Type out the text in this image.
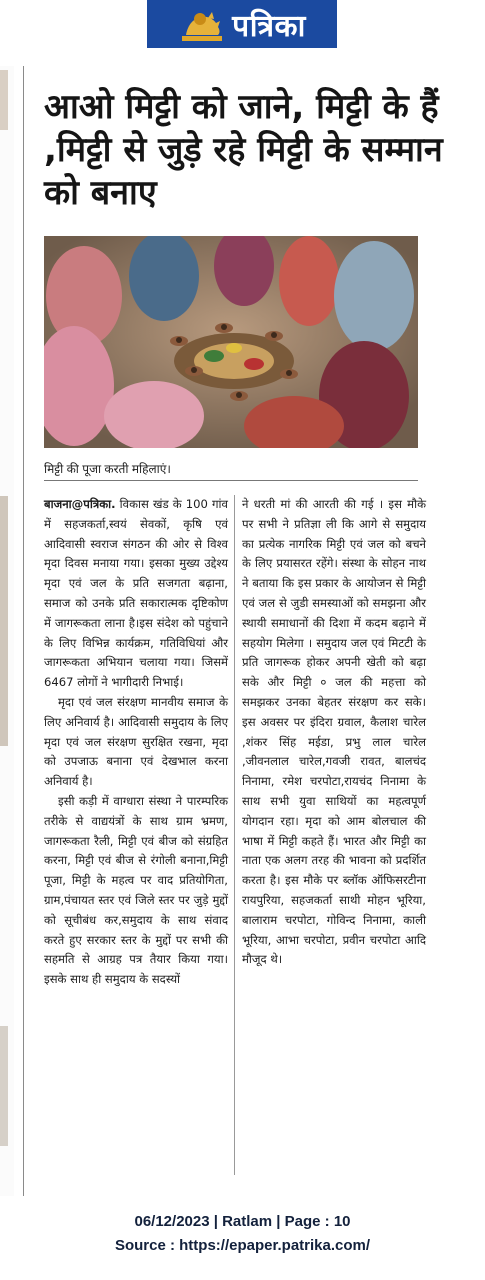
पत्रिका
आओ मिट्टी को जाने, मिट्टी के हैं ,मिट्टी से जुड़े रहे मिट्टी के सम्मान को बनाए
मिट्टी की पूजा करती महिलाएं।

बाजना@पत्रिका. विकास खंड के 100 गांव में सहजकर्ता,स्वयं सेवकों, कृषि एवं आदिवासी स्वराज संगठन की ओर से विश्व मृदा दिवस मनाया गया। इसका मुख्य उद्देश्य मृदा एवं जल के प्रति सजगता बढ़ाना, समाज को उनके प्रति सकारात्मक दृष्टिकोण में जागरूकता लाना है।इस संदेश को पहुंचाने के लिए विभिन्न कार्यक्रम, गतिविधियां और जागरूकता अभियान चलाया गया। जिसमें 6467 लोगों ने भागीदारी निभाई।

मृदा एवं जल संरक्षण मानवीय समाज के लिए अनिवार्य है। आदिवासी समुदाय के लिए मृदा एवं जल संरक्षण सुरक्षित रखना, मृदा को उपजाऊ बनाना एवं देखभाल करना अनिवार्य है।

इसी कड़ी में वाग्धारा संस्था ने पारम्परिक तरीके से वाद्ययंत्रों के साथ ग्राम भ्रमण, जागरूकता रैली, मिट्टी एवं बीज को संग्रहित करना, मिट्टी एवं बीज से रंगोली बनाना,मिट्टी पूजा, मिट्टी के महत्व पर वाद प्रतियोगिता, ग्राम,पंचायत स्तर एवं जिले स्तर पर जुड़े मुद्दों को सूचीबंध कर,समुदाय के साथ संवाद करते हुए सरकार स्तर के मुद्दों पर सभी की सहमति से आग्रह पत्र तैयार किया गया। इसके साथ ही समुदाय के सदस्यों

ने धरती मां की आरती की गई । इस मौके पर सभी ने प्रतिज्ञा ली कि आगे से समुदाय का प्रत्येक नागरिक मिट्टी एवं जल को बचने के लिए प्रयासरत रहेंगे। संस्था के सोहन नाथ ने बताया कि इस प्रकार के आयोजन से मिट्टी एवं जल से जुडी समस्याओं को समझना और स्थायी समाधानों की दिशा में कदम बढ़ाने में सहयोग मिलेगा । समुदाय जल एवं मिटटी के प्रति जागरूक होकर अपनी खेती को बढ़ा सके और मिट्टी ० जल की महत्ता को समझकर उनका बेहतर संरक्षण कर सके। इस अवसर पर इंदिरा ग्रवाल, कैलाश चारेल ,शंकर सिंह मईडा, प्रभु लाल चारेल ,जीवनलाल चारेल,गवजी रावत, बालचंद निनामा, रमेश चरपोटा,रायचंद निनामा के साथ सभी युवा साथियों का महत्वपूर्ण योगदान रहा। मृदा को आम बोलचाल की भाषा में मिट्टी कहते हैं। भारत और मिट्टी का नाता एक अलग तरह की भावना को प्रदर्शित करता है। इस मौके पर ब्लॉक ऑफिसरटीना रायपुरिया, सहजकर्ता साथी मोहन भूरिया, बालाराम चरपोटा, गोविन्द निनामा, काली भूरिया, आभा चरपोटा, प्रवीन चरपोटा आदि मौजूद थे।

06/12/2023 | Ratlam | Page : 10
Source : https://epaper.patrika.com/
